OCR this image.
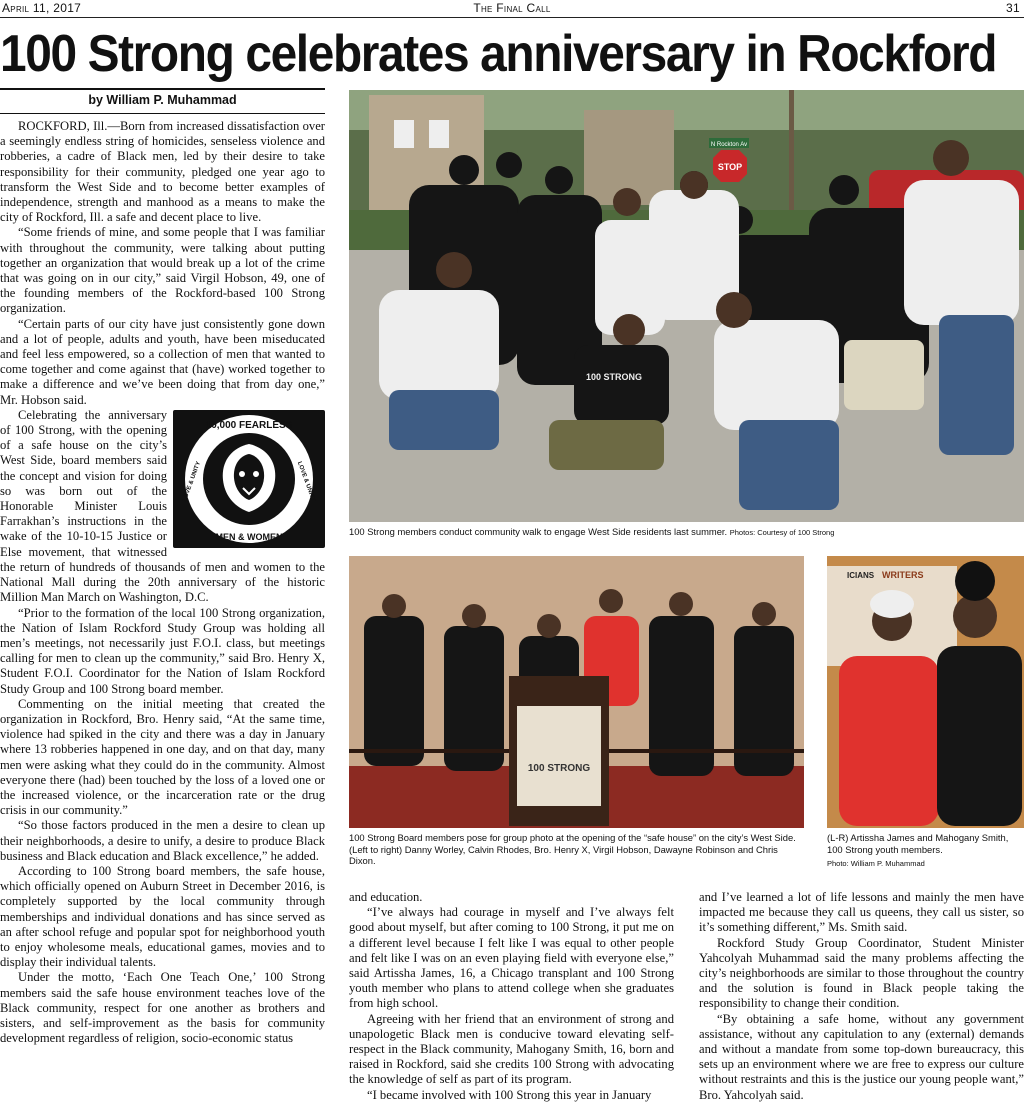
April 11, 2017	The Final Call	31
100 Strong celebrates anniversary in Rockford
by William P. Muhammad

ROCKFORD, Ill.—Born from increased dissatisfaction over a seemingly endless string of homicides, senseless violence and robberies, a cadre of Black men, led by their desire to take responsibility for their community, pledged one year ago to transform the West Side and to become better examples of independence, strength and manhood as a means to make the city of Rockford, Ill. a safe and decent place to live.

“Some friends of mine, and some people that I was familiar with throughout the community, were talking about putting together an organization that would break up a lot of the crime that was going on in our city,” said Virgil Hobson, 49, one of the founding members of the Rockford-based 100 Strong organization.

“Certain parts of our city have just consistently gone down and a lot of people, adults and youth, have been miseducated and feel less empowered, so a collection of men that wanted to come together and come against that (have) worked together to make a difference and we’ve been doing that from day one,” Mr. Hobson said.

10,000 FEARLESS
MEN & WOMEN
LOVE & UNITY	LOVE & UNITY

Celebrating the anniversary of 100 Strong, with the opening of a safe house on the city’s West Side, board members said the concept and vision for doing so was born out of the Honorable Minister Louis Farrakhan’s instructions in the wake of the 10-10-15 Justice or Else movement, that witnessed the return of hundreds of thousands of men and women to the National Mall during the 20th anniversary of the historic Million Man March on Washington, D.C.

“Prior to the formation of the local 100 Strong organization, the Nation of Islam Rockford Study Group was holding all men’s meetings, not necessarily just F.O.I. class, but meetings calling for men to clean up the community,” said Bro. Henry X, Student F.O.I. Coordinator for the Nation of Islam Rockford Study Group and 100 Strong board member.

Commenting on the initial meeting that created the organization in Rockford, Bro. Henry said, “At the same time, violence had spiked in the city and there was a day in January where 13 robberies happened in one day, and on that day, many men were asking what they could do in the community. Almost everyone there (had) been touched by the loss of a loved one or the increased violence, or the incarceration rate or the drug crisis in our community.”

“So those factors produced in the men a desire to clean up their neighborhoods, a desire to unify, a desire to produce Black business and Black education and Black excellence,” he added.

According to 100 Strong board members, the safe house, which officially opened on Auburn Street in December 2016, is completely supported by the local community through memberships and individual donations and has since served as an after school refuge and popular spot for neighborhood youth to enjoy wholesome meals, educational games, movies and to display their individual talents.

Under the motto, ‘Each One Teach One,’ 100 Strong members said the safe house environment teaches love of the Black community, respect for one another as brothers and sisters, and self-improvement as the basis for community development regardless of religion, socio-economic status

N Rockton Av
STOP
100 STRONG
100 Strong members conduct community walk to engage West Side residents last summer. Photos: Courtesy of 100 Strong
100 STRONG
100 Strong Board members pose for group photo at the opening of the “safe house” on the city’s West Side. (Left to right) Danny Worley, Calvin Rhodes, Bro. Henry X, Virgil Hobson, Dawayne Robinson and Chris Dixon.
ICIANS WRITERS
(L-R) Artissha James and Mahogany Smith, 100 Strong youth members.
Photo: William P. Muhammad

and education.

“I’ve always had courage in myself and I’ve always felt good about myself, but after coming to 100 Strong, it put me on a different level because I felt like I was equal to other people and felt like I was on an even playing field with everyone else,” said Artissha James, 16, a Chicago transplant and 100 Strong youth member who plans to attend college when she graduates from high school.

Agreeing with her friend that an environment of strong and unapologetic Black men is conducive toward elevating self-respect in the Black community, Mahogany Smith, 16, born and raised in Rockford, said she credits 100 Strong with advocating the knowledge of self as part of its program.

“I became involved with 100 Strong this year in January

and I’ve learned a lot of life lessons and mainly the men have impacted me because they call us queens, they call us sister, so it’s something different,” Ms. Smith said.

Rockford Study Group Coordinator, Student Minister Yahcolyah Muhammad said the many problems affecting the city’s neighborhoods are similar to those throughout the country and the solution is found in Black people taking the responsibility to change their condition.

“By obtaining a safe home, without any government assistance, without any capitulation to any (external) demands and without a mandate from some top-down bureaucracy, this sets up an environment where we are free to express our culture without restraints and this is the justice our young people want,” Bro. Yahcolyah said.
